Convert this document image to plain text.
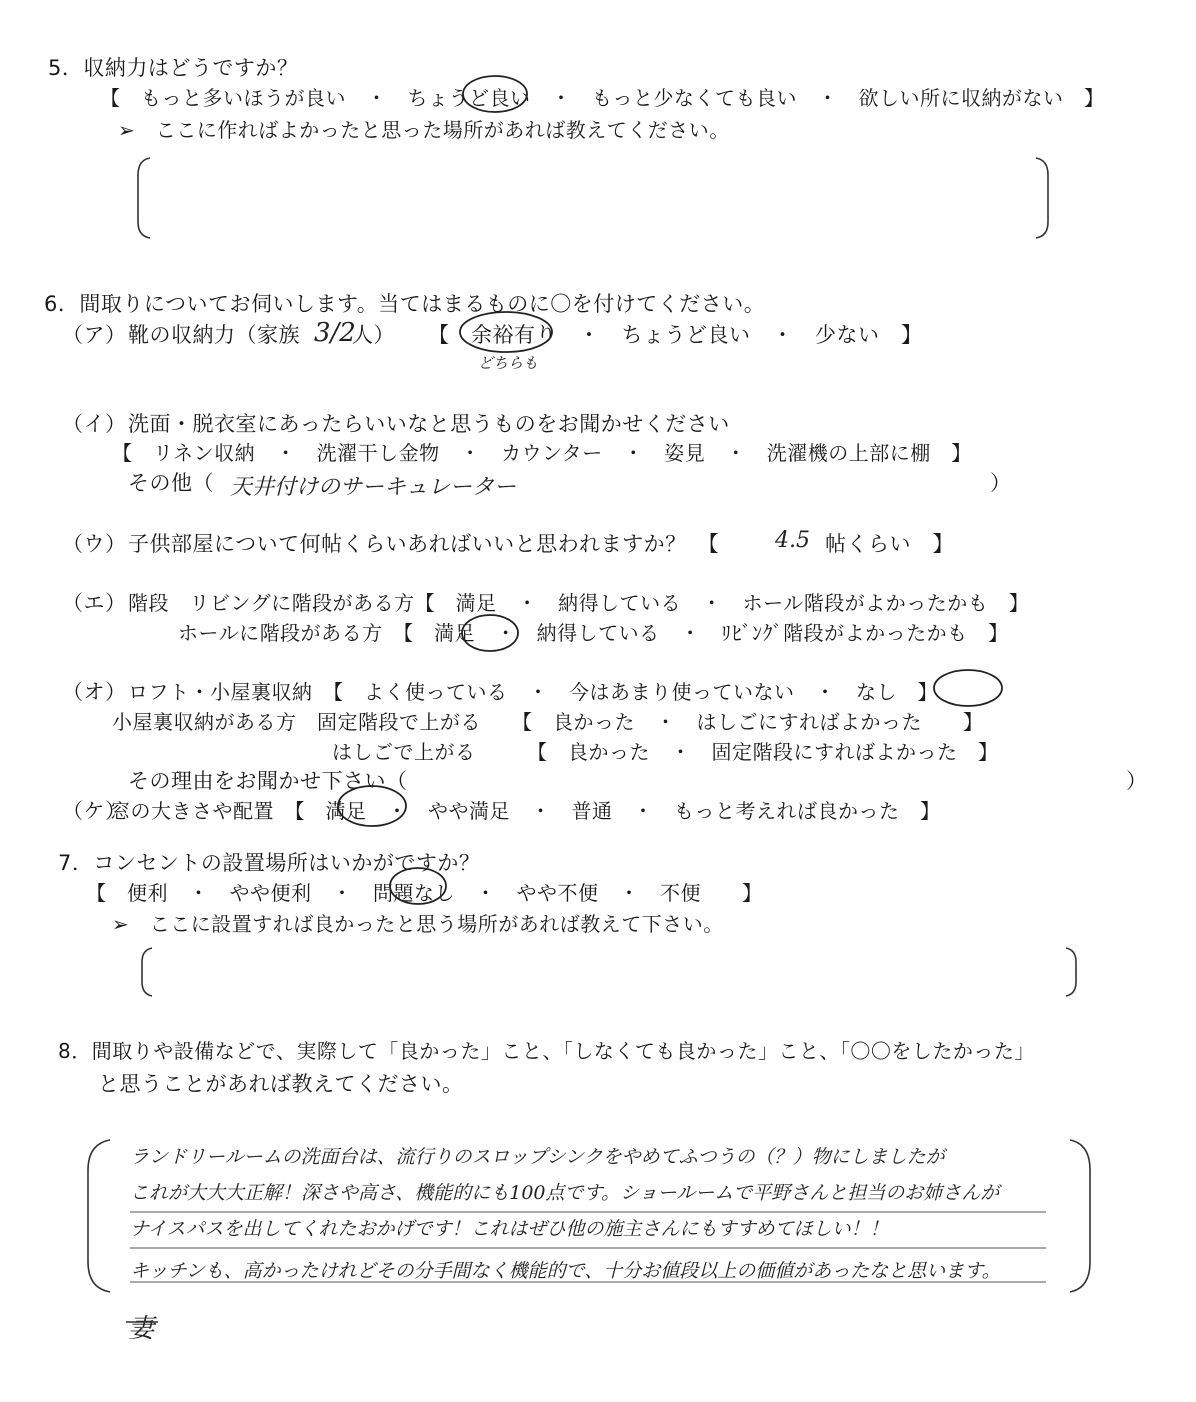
5．収納力はどうですか？
【　もっと多いほうが良い　・　ちょうど良い　・　もっと少なくても良い　・　欲しい所に収納がない　】
➢　ここに作ればよかったと思った場所があれば教えてください。
6．間取りについてお伺いします。当てはまるものに〇を付けてください。
（ア） 靴の収納力（家族 3/2
人） 【　余裕有り　・　ちょうど良い　・　少ない　】
どちらも
（イ） 洗面・脱衣室にあったらいいなと思うものをお聞かせください
【　リネン収納　・　洗濯干し金物　・　カウンター　・　姿見　・　洗濯機の上部に棚　】
その他（ 天井付けのサーキュレーター	）
（ウ） 子供部屋について何帖くらいあればいいと思われますか？　【	4.5 帖くらい　】
（エ） 階段　リビングに階段がある方【　満足　・　納得している　・　ホール階段がよかったかも　】
ホールに階段がある方　【　満足　・　納得している　・　ﾘﾋﾞﾝｸﾞ階段がよかったかも　】
（オ） ロフト・小屋裏収納　【　よく使っている　・　今はあまり使っていない　・　なし　】
小屋裏収納がある方　固定階段で上がる　　【　良かった　・　はしごにすればよかった　　】
はしごで上がる　　　【　良かった　・　固定階段にすればよかった　】
その理由をお聞かせ下さい（	）
（ケ）
窓の大きさや配置　【　満足　・　やや満足　・　普通　・　もっと考えれば良かった　】
7．コンセントの設置場所はいかがですか？
【　便利　・　やや便利　・　問題なし　・　やや不便　・　不便　　】
➢　ここに設置すれば良かったと思う場所があれば教えて下さい。
8．間取りや設備などで、実際して「良かった」こと、「しなくても良かった」こと、「〇〇をしたかった」
と思うことがあれば教えてください。
ランドリールームの洗面台は、流行りのスロップシンクをやめてふつうの（？）物にしましたが
これが大大大正解！深さや高さ、機能的にも100点です。ショールームで平野さんと担当のお姉さんが
ナイスパスを出してくれたおかげです！これはぜひ他の施主さんにもすすめてほしい！！
キッチンも、高かったけれどその分手間なく機能的で、十分お値段以上の価値があったなと思います。
妻
